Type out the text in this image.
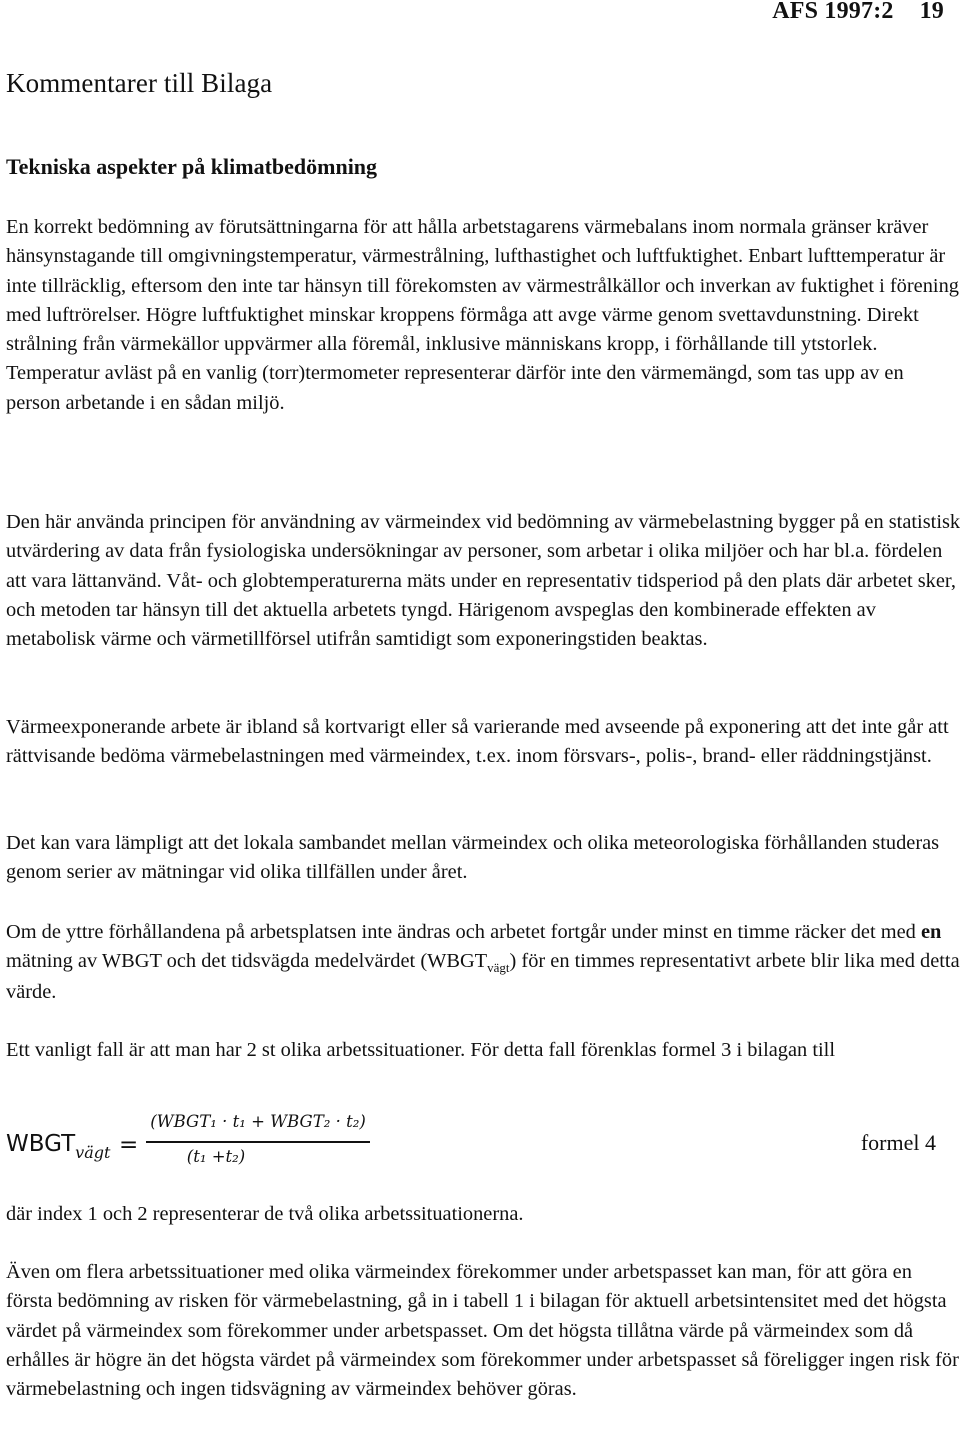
AFS 1997:2 19
Kommentarer till Bilaga
Tekniska aspekter på klimatbedömning

En korrekt bedömning av förutsättningarna för att hålla arbetstagarens värmebalans inom normala gränser kräver hänsynstagande till omgivningstemperatur, värmestrålning, lufthastighet och luftfuktighet. Enbart lufttemperatur är inte tillräcklig, eftersom den inte tar hänsyn till förekomsten av värmestrålkällor och inverkan av fuktighet i förening med luftrörelser. Högre luftfuktighet minskar kroppens förmåga att avge värme genom svettavdunstning. Direkt strålning från värmekällor uppvärmer alla föremål, inklusive människans kropp, i förhållande till ytstorlek. Temperatur avläst på en vanlig (torr)termometer representerar därför inte den värmemängd, som tas upp av en person arbetande i en sådan miljö.

Den här använda principen för användning av värmeindex vid bedömning av värmebelastning bygger på en statistisk utvärdering av data från fysiologiska undersökningar av personer, som arbetar i olika miljöer och har bl.a. fördelen att vara lättanvänd. Våt- och globtemperaturerna mäts under en representativ tidsperiod på den plats där arbetet sker, och metoden tar hänsyn till det aktuella arbetets tyngd. Härigenom avspeglas den kombinerade effekten av metabolisk värme och värmetillförsel utifrån samtidigt som exponeringstiden beaktas.

Värmeexponerande arbete är ibland så kortvarigt eller så varierande med avseende på exponering att det inte går att rättvisande bedöma värmebelastningen med värmeindex, t.ex. inom försvars-, polis-, brand- eller räddningstjänst.

Det kan vara lämpligt att det lokala sambandet mellan värmeindex och olika meteorologiska förhållanden studeras genom serier av mätningar vid olika tillfällen under året.

Om de yttre förhållandena på arbetsplatsen inte ändras och arbetet fortgår under minst en timme räcker det med en mätning av WBGT och det tidsvägda medelvärdet $(WBGT_{vägt})$ för en timmes representativt arbete blir lika med detta värde.

Ett vanligt fall är att man har 2 st olika arbetssituationer. För detta fall förenklas formel 3 i bilagan till

$WBGT_{vägt}$ =
(WBGT₁ · t₁ + WBGT₂ · t₂)
(t₁ +t₂)
formel 4

där index 1 och 2 representerar de två olika arbetssituationerna.

Även om flera arbetssituationer med olika värmeindex förekommer under arbetspasset kan man, för att göra en första bedömning av risken för värmebelastning, gå in i tabell 1 i bilagan för aktuell arbetsintensitet med det högsta värdet på värmeindex som förekommer under arbetspasset. Om det högsta tillåtna värde på värmeindex som då erhålles är högre än det högsta värdet på värmeindex som förekommer under arbetspasset så föreligger ingen risk för värmebelastning och ingen tidsvägning av värmeindex behöver göras.
